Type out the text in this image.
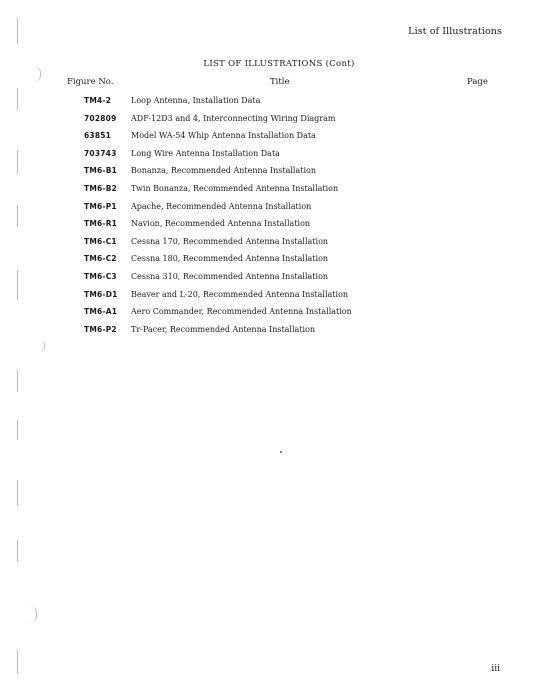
List of Illustrations
LIST OF ILLUSTRATIONS (Cont)
Figure No.	Title	Page
TM4-2 Loop Antenna, Installation Data
702809 ADF-12D3 and 4, Interconnecting Wiring Diagram
63851 Model WA-54 Whip Antenna Installation Data
703743 Long Wire Antenna Installation Data
TM6-B1 Bonanza, Recommended Antenna Installation
TM6-B2 Twin Bonanza, Recommended Antenna Installation
TM6-P1 Apache, Recommended Antenna Installation
TM6-R1 Navion, Recommended Antenna Installation
TM6-C1 Cessna 170, Recommended Antenna Installation
TM6-C2 Cessna 180, Recommended Antenna Installation
TM6-C3 Cessna 310, Recommended Antenna Installation
TM6-D1 Beaver and L-20, Recommended Antenna Installation
TM6-A1 Aero Commander, Recommended Antenna Installation
TM6-P2 Tr-Pacer, Recommended Antenna Installation
iii
